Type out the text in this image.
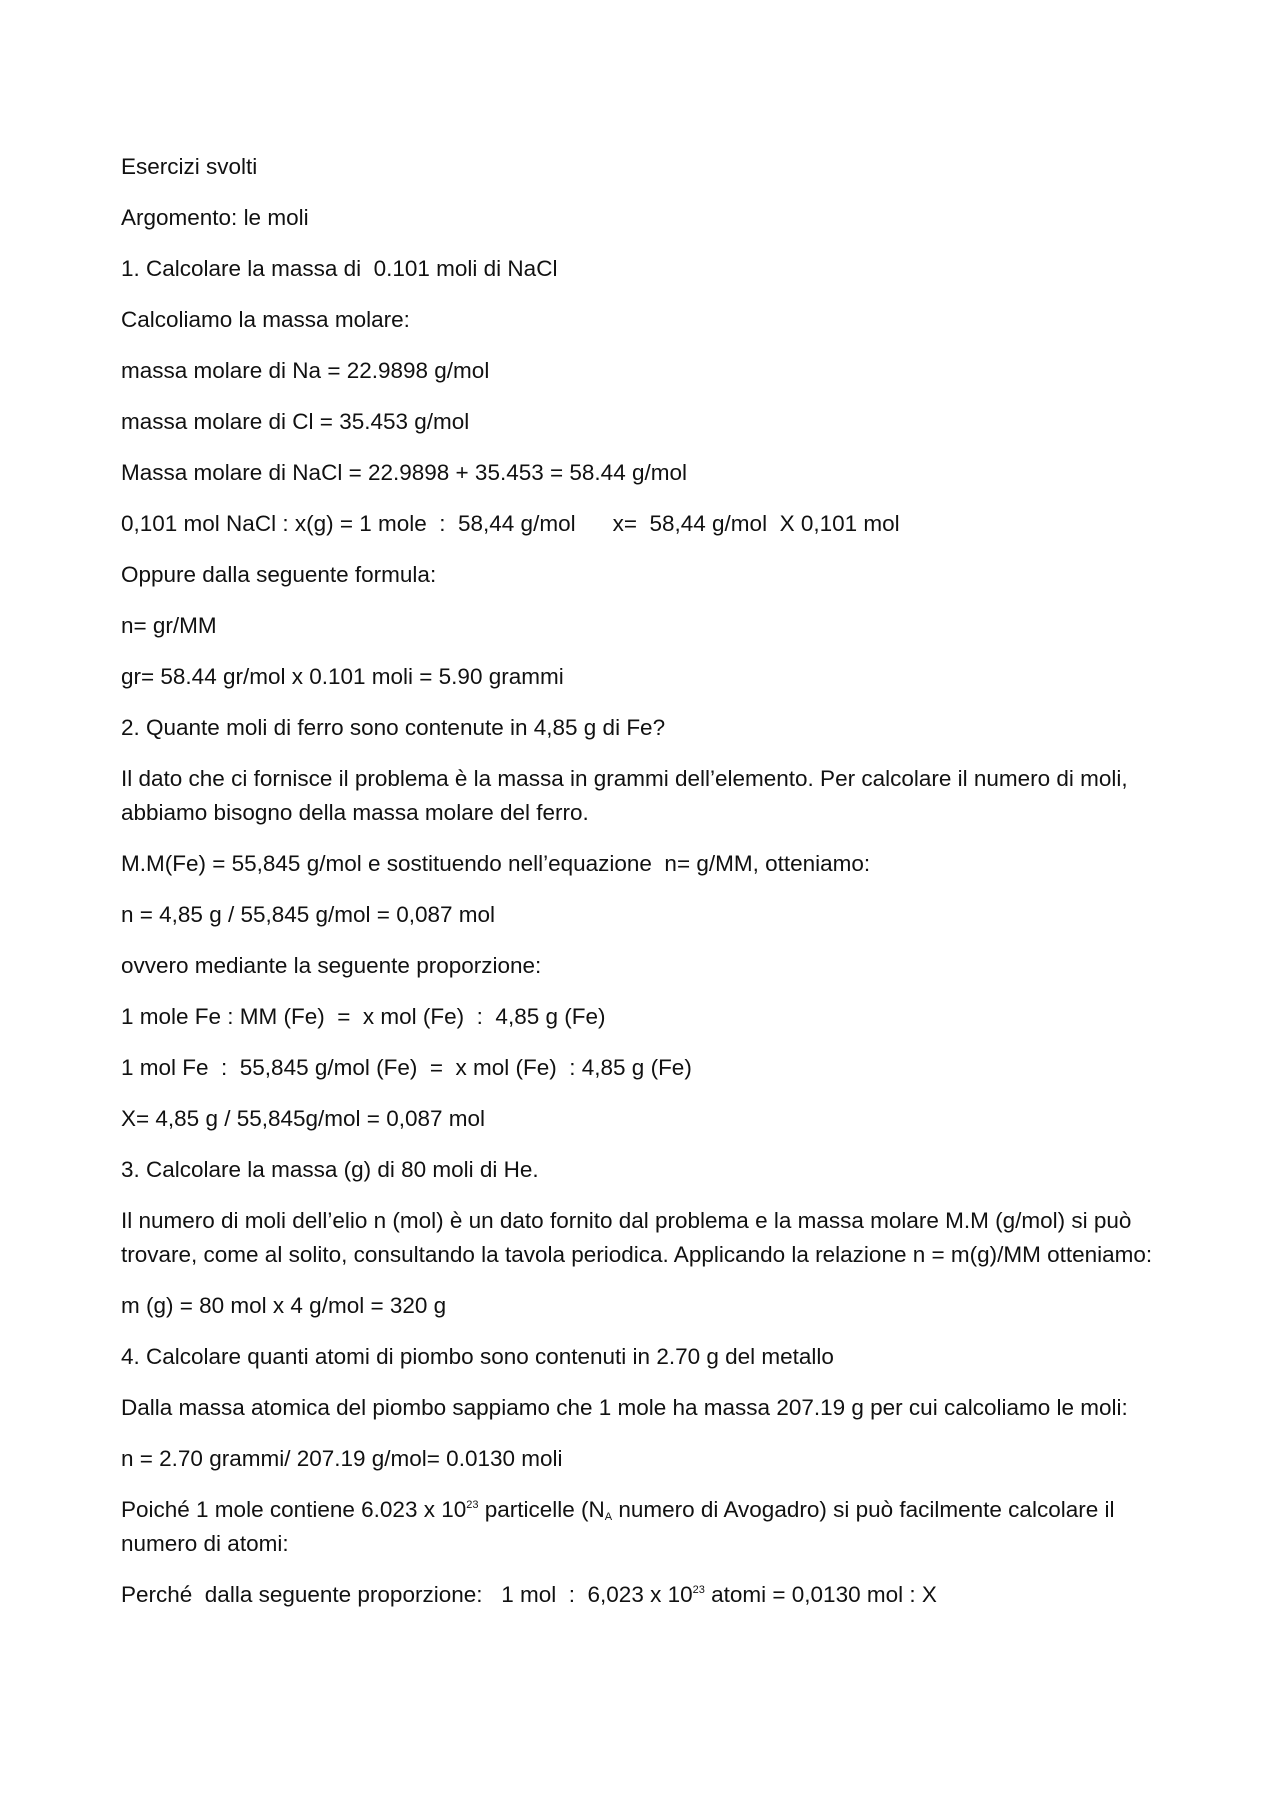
Esercizi svolti

Argomento: le moli

1. Calcolare la massa di  0.101 moli di NaCl

Calcoliamo la massa molare:

massa molare di Na = 22.9898 g/mol

massa molare di Cl = 35.453 g/mol

Massa molare di NaCl = 22.9898 + 35.453 = 58.44 g/mol

0,101 mol NaCl : x(g) = 1 mole  :  58,44 g/mol x=  58,44 g/mol  X 0,101 mol

Oppure dalla seguente formula:

n= gr/MM

gr= 58.44 gr/mol x 0.101 moli = 5.90 grammi

2. Quante moli di ferro sono contenute in 4,85 g di Fe?

Il dato che ci fornisce il problema è la massa in grammi dell’elemento. Per calcolare il numero di moli, abbiamo bisogno della massa molare del ferro.

M.M(Fe) = 55,845 g/mol e sostituendo nell’equazione  n= g/MM, otteniamo:

n = 4,85 g / 55,845 g/mol = 0,087 mol

ovvero mediante la seguente proporzione:

1 mole Fe : MM (Fe)  =  x mol (Fe)  :  4,85 g (Fe)

1 mol Fe  :  55,845 g/mol (Fe)  =  x mol (Fe)  : 4,85 g (Fe)

X= 4,85 g / 55,845g/mol = 0,087 mol

3. Calcolare la massa (g) di 80 moli di He.

Il numero di moli dell’elio n (mol) è un dato fornito dal problema e la massa molare M.M (g/mol) si può trovare, come al solito, consultando la tavola periodica. Applicando la relazione n = m(g)/MM otteniamo:

m (g) = 80 mol x 4 g/mol = 320 g

4. Calcolare quanti atomi di piombo sono contenuti in 2.70 g del metallo

Dalla massa atomica del piombo sappiamo che 1 mole ha massa 207.19 g per cui calcoliamo le moli:

n = 2.70 grammi/ 207.19 g/mol= 0.0130 moli

Poiché 1 mole contiene 6.023 x $10^{23}$ particelle ($N_A$ numero di Avogadro) si può facilmente calcolare il numero di atomi:

Perché  dalla seguente proporzione:   1 mol  :  6,023 x $10^{23}$ atomi = 0,0130 mol : X
